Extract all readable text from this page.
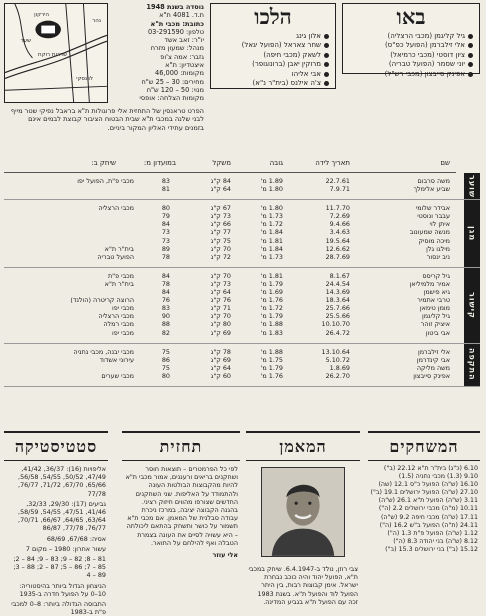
באו
גיל קליגמן (מכבי הרצליה)
אלי זילברמן (הפועל כפ"ס)
ציון דוסטי (מכבי כרמיאל)
יוני שסמר (הפועל טבריה)
אפינק סייבצון (מכבי רש"ל)
הלכו
אלון גינג
שחר צאראל (הפועל יגאל)
לשאק (מכבי חיפה)
מרוקין יאבן (ברונוגופר)
אבי אליהו
צ'ה אילנס (בית"ר נ"א)
נוסדה בשנת 1948
ת.ד. 4081 ת"א
כתובת: מכבי ת"א
טלפון: 03-291590
יו"ר: זאב אשד
מנהל: שמעון מזרח
גזבר: אמה צ'ופ
איצטדיון: ת"א
מקומות: 46,000
מחירים: 30 – 25 ש"ח
מנוי: 50 – 120 ש"ח
מקומות הצלחה: אופסי
הפרט טראנסין של התחזית אלי פרוגולות ת"א בראבל נפיקי שטר מייף לבני שלנה במכבי ת"א שבית הבטוח הציבור קבוצת לבמים אינם בזמנים עתידי האליון המקור ביניים.
הירקון
נהר
שדרות רוקח
לוינסקי
שער
שם
תאריך לידה
גובה
משקל
במועדון מ:
שיחק ב:
שוער
משה סרבום
22.7.61
1.89 מ'
84 ק"ג
83
מכבי פ"ת, הפועל יפו
שביע אלימלך
7.9.71
1.80 מ'
64 ק"ג
81
מגן
אבידר שלומי
11.7.70
1.80 מ'
67 ק"ג
80
מכבי הרצליה
עבבר ונוסטי
7.2.69
1.73 מ'
73 ק"ג
79
איתן לוי
9.4.66
1.72 מ'
66 ק"ג
84
מנשה שמעונוב
3.4.63
1.84 מ'
77 ק"ג
73
מיכה מוסיק
19.5.64
1.81 מ'
75 ק"ג
73
מילגו גלן
12.6.62
1.84 מ'
70 ק"ג
89
בית"ר ת"א
ניב ינסור
28.7.69
1.73 מ'
72 ק"ג
78
הפועל טבריה
קישור
גיל קריסס
8.1.67
1.81 מ'
70 ק"ג
84
מכבי פ"ת
אמיר מלמיליאן
24.4.54
1.79 מ'
73 ק"ג
78
בית"ר ת"א
גיא פישמן
14.3.69
1.69 מ'
64 ק"ג
84
טרבי אתמיר
18.3.64
1.76 מ'
76 ק"ג
76
הרוצה קריטרה (הולנד)
מומן טימאן
25.7.66
1.72 מ'
71 ק"ג
83
מכבי יפו
גיל קליגמן
25.5.66
1.79 מ'
70 ק"ג
90
מכבי הרצליה
איציק זוהר
10.10.70
1.88 מ'
80 ק"ג
88
מכבי רמלה
אבי ביטון
26.4.72
1.83 מ'
69 ק"ג
82
מכבי יפו
התקפה
אלי זילברמן
13.10.64
1.88 מ'
78 ק"ג
75
מכבי יבנה, מכבי נתניה
אבי קינדרמן
5.10.72
1.75 מ'
69 ק"ג
86
עירוני אשדוד
משה מליקה
1.8.69
1.79 מ'
64 ק"ג
75
אפינק סייבצון
26.2.70
1.76 מ'
60 ק"ג
80
מכבי שערים
המשחקים
6.10 (כ"ג) בית"ר ת"א 22.12 (ב")
9.10 (1.3) מכבי נתניה (1.5)
16.10 (ש"ה) הפועל כ"ס 12.1 (שה)
27.10 (ש"ה) הפועל ירושלים 19.1 (ב")
3.11 (ש"ה) הפועל ת"א 26.1 (ש"ה)
10.11 (מ"ה) מכבי ירושלים 2.2 (ה")
17.11 (ש"ה) מכבי חיפה 9.2 (ש"ה)
24.11 (ת"ה) הפועל ב"ש 16.2 (ה")
1.12 (ש"ה) הפועל פ"ת 1.3 (ה")
8.12 (ש"ה) בני יהודה 8.3 (ה")
15.12 (ב") בני ירושלים 15.3 (ב")
המאמן
צבי רוזן, נולד ב-6.4.1947. שיחק במכבי ת"א, הפועל יהוד והיה כוכב נבחרת ישראל. אימן קבוצות רבות, בין היתר הפועל לוד והפועל ת"א. בשנת 1983 זכה עם הפועל ת"א בגביע המדינה.
תחזית
לפי כל הפרמטרים – תוצאות חוסר ושחקנים בריאים ורעננים, אמור מכבי ת"א להיות מהקבוצות הבולטות העונה ולהתמודד על האליפות. שני השחקנים החדשים שצורפו מהווים חיזוק רציני. בהגנה הקבוצה יציבה, במרכז ניכרת עבודה סבלנית של המאמן. אם מכבי ת"א תשמור על כושר ותשחק בהתאם ליכולתה – היא עשויה לסיים את העונה בצמרת הטבלה ואף להילחם על התואר.
אלי עוזר
סטטיסטיקה
אליפויות (16): 36/37, 41/42, 47/49, 50/52, 54/55, 56/58, 65/66, 67/70, 71/72, 76/77, 77/78
גביעים (17): 29/30, 32/33, 41/46, 47/51, 54/55, 58/59, 63/64, 64/65, 66/67, 70/71, 76/77, 77/78, 86/87
אסיה: 67/68, 68/69
עשור אחרון: 1980 – מקום 7
81 – 8; 82 – 9; 83 – 9; 84 – 2; 85 – 7; 86 – 5; 87 – 2; 88 – 3; 89 – 4
הניצחון הגדול ביותר בהיסטוריה: 10–0 על הפועל חדרה ב-1935
התבוסה הגדולה ביותר: 8–0 למכבי פ"ת ב-1983
